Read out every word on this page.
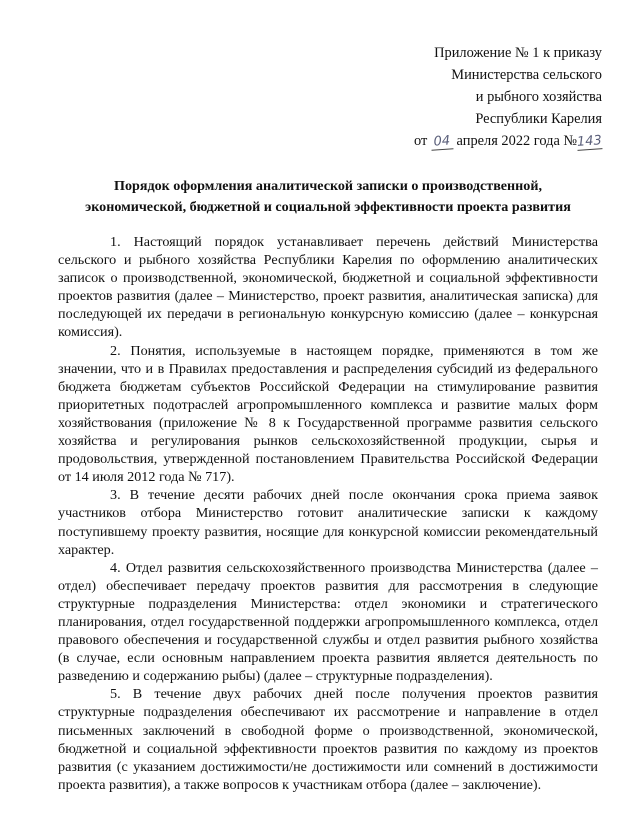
Приложение № 1 к приказу
Министерства сельского
и рыбного хозяйства
Республики Карелия
от 04 апреля 2022 года №143
Порядок оформления аналитической записки о производственной,
экономической, бюджетной и социальной эффективности проекта развития

1. Настоящий порядок устанавливает перечень действий Министерства сельского и рыбного хозяйства Республики Карелия по оформлению аналитических записок о производственной, экономической, бюджетной и социальной эффективности проектов развития (далее – Министерство, проект развития, аналитическая записка) для последующей их передачи в региональную конкурсную комиссию (далее – конкурсная комиссия).

2. Понятия, используемые в настоящем порядке, применяются в том же значении, что и в Правилах предоставления и распределения субсидий из федерального бюджета бюджетам субъектов Российской Федерации на стимулирование развития приоритетных подотраслей агропромышленного комплекса и развитие малых форм хозяйствования (приложение № 8 к Государственной программе развития сельского хозяйства и регулирования рынков сельскохозяйственной продукции, сырья и продовольствия, утвержденной постановлением Правительства Российской Федерации от 14 июля 2012 года № 717).

3. В течение десяти рабочих дней после окончания срока приема заявок участников отбора Министерство готовит аналитические записки к каждому поступившему проекту развития, носящие для конкурсной комиссии рекомендательный характер.

4. Отдел развития сельскохозяйственного производства Министерства (далее – отдел) обеспечивает передачу проектов развития для рассмотрения в следующие структурные подразделения Министерства: отдел экономики и стратегического планирования, отдел государственной поддержки агропромышленного комплекса, отдел правового обеспечения и государственной службы и отдел развития рыбного хозяйства (в случае, если основным направлением проекта развития является деятельность по разведению и содержанию рыбы) (далее – структурные подразделения).

5. В течение двух рабочих дней после получения проектов развития структурные подразделения обеспечивают их рассмотрение и направление в отдел письменных заключений в свободной форме о производственной, экономической, бюджетной и социальной эффективности проектов развития по каждому из проектов развития (с указанием достижимости/не достижимости или сомнений в достижимости проекта развития), а также вопросов к участникам отбора (далее – заключение).
